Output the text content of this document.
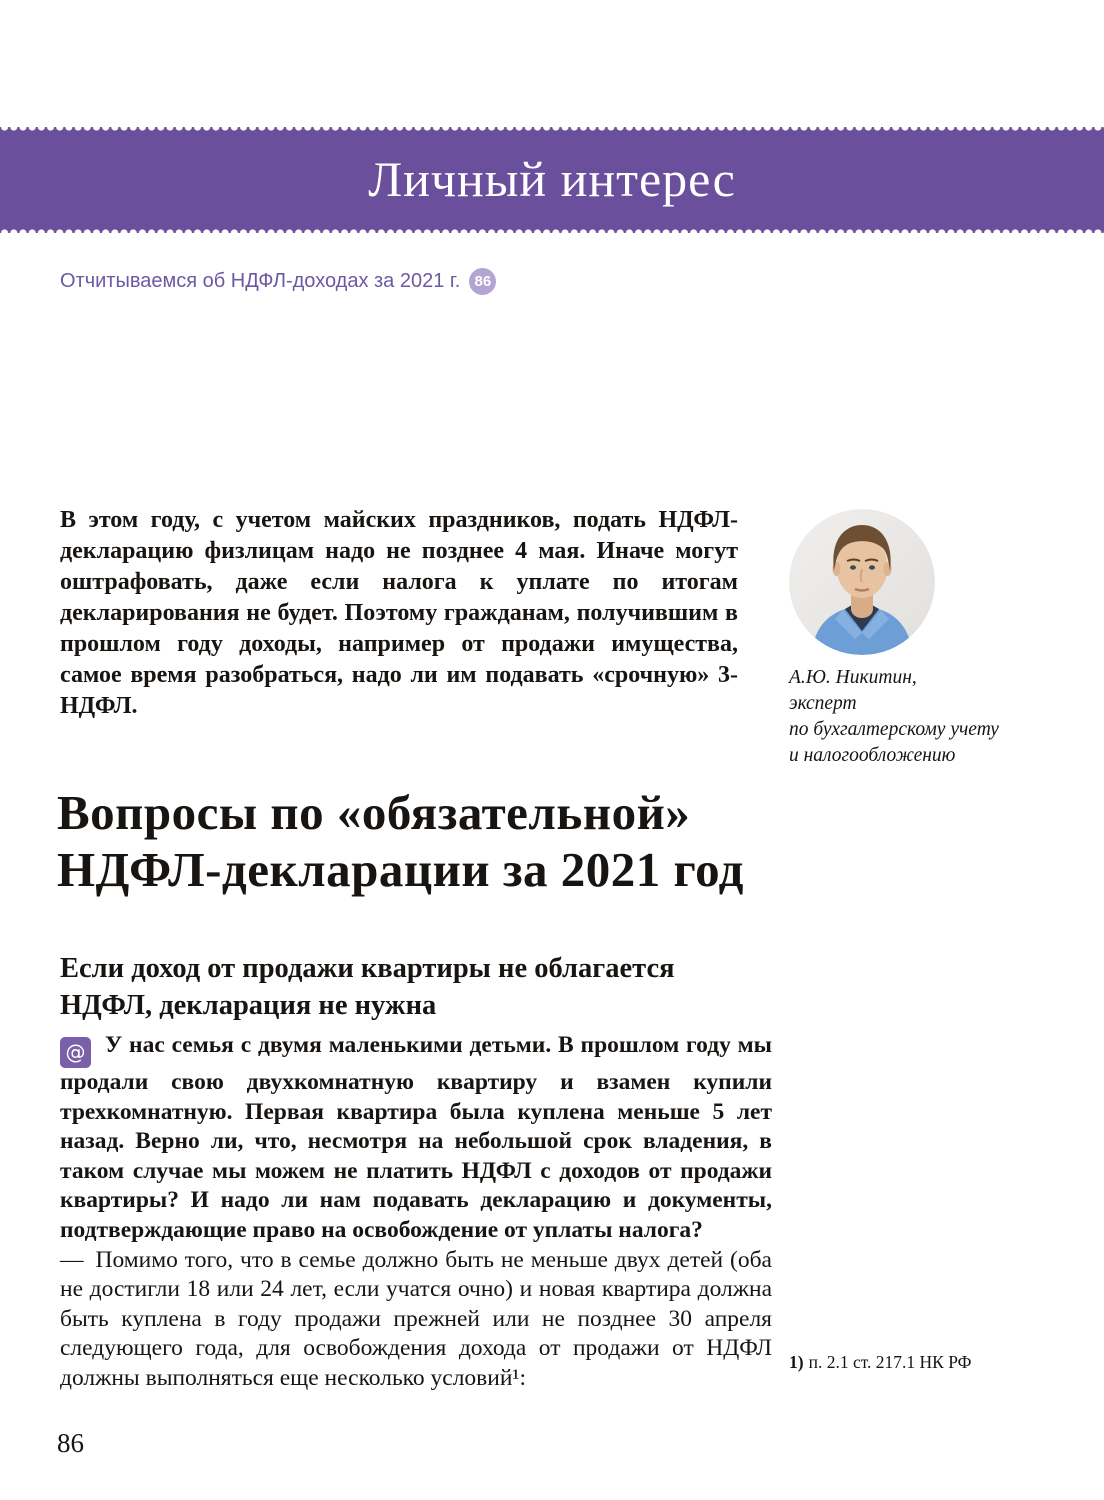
Личный интерес
Отчитываемся об НДФЛ-доходах за 2021 г. 86
В этом году, с учетом майских праздников, подать НДФЛ-декларацию физлицам надо не позднее 4 мая. Иначе могут оштрафовать, даже если налога к уплате по итогам декларирования не будет. Поэтому гражданам, получившим в прошлом году доходы, например от продажи имущества, самое время разобраться, надо ли им подавать «срочную» 3-НДФЛ.
А.Ю. Никитин,
эксперт
по бухгалтерскому учету
и налогообложению
Вопросы по «обязательной»
НДФЛ-декларации за 2021 год
Если доход от продажи квартиры не облагается
НДФЛ, декларация не нужна

@ У нас семья с двумя маленькими детьми. В прошлом году мы продали свою двухкомнатную квартиру и взамен купили трехкомнатную. Первая квартира была куплена меньше 5 лет назад. Верно ли, что, несмотря на небольшой срок владения, в таком случае мы можем не платить НДФЛ с доходов от продажи квартиры? И надо ли нам подавать декларацию и документы, подтверждающие право на освобождение от уплаты налога?

— Помимо того, что в семье должно быть не меньше двух детей (оба не достигли 18 или 24 лет, если учатся очно) и новая квартира должна быть куплена в году продажи прежней или не позднее 30 апреля следующего года, для освобождения дохода от продажи от НДФЛ должны выполняться еще несколько условий¹:

1) п. 2.1 ст. 217.1 НК РФ
86
